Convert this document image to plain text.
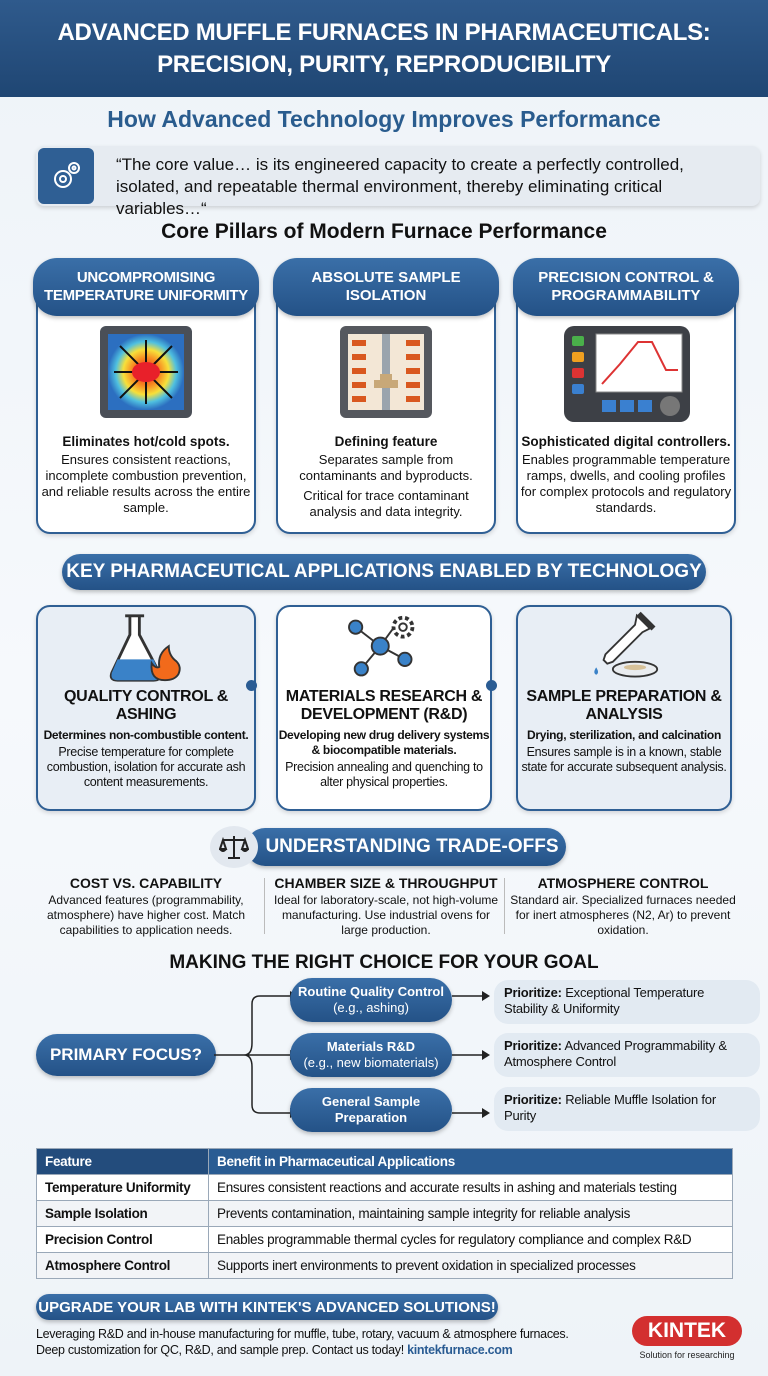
ADVANCED MUFFLE FURNACES IN PHARMACEUTICALS:
PRECISION, PURITY, REPRODUCIBILITY
How Advanced Technology Improves Performance
“The core value… is its engineered capacity to create a perfectly controlled, isolated, and repeatable thermal environment, thereby eliminating critical variables…“
Core Pillars of Modern Furnace Performance
UNCOMPROMISING TEMPERATURE UNIFORMITY
Eliminates hot/cold spots.
Ensures consistent reactions, incomplete combustion prevention, and reliable results across the entire sample.
ABSOLUTE SAMPLE ISOLATION
Defining feature
Separates sample from contaminants and byproducts.
Critical for trace contaminant analysis and data integrity.
PRECISION CONTROL & PROGRAMMABILITY
Sophisticated digital controllers.
Enables programmable temperature ramps, dwells, and cooling profiles for complex protocols and regulatory standards.
KEY PHARMACEUTICAL APPLICATIONS ENABLED BY TECHNOLOGY
QUALITY CONTROL & ASHING
Determines non-combustible content.
Precise temperature for complete combustion, isolation for accurate ash content measurements.
MATERIALS RESEARCH & DEVELOPMENT (R&D)
Developing new drug delivery systems & biocompatible materials.
Precision annealing and quenching to alter physical properties.
SAMPLE PREPARATION & ANALYSIS
Drying, sterilization, and calcination
Ensures sample is in a known, stable state for accurate subsequent analysis.
UNDERSTANDING TRADE-OFFS
COST VS. CAPABILITY
Advanced features (programmability, atmosphere) have higher cost. Match capabilities to application needs.
CHAMBER SIZE & THROUGHPUT
Ideal for laboratory-scale, not high-volume manufacturing. Use industrial ovens for large production.
ATMOSPHERE CONTROL
Standard air. Specialized furnaces needed for inert atmospheres (N2, Ar) to prevent oxidation.
MAKING THE RIGHT CHOICE FOR YOUR GOAL
PRIMARY FOCUS?
Routine Quality Control
(e.g., ashing)
Materials R&D
(e.g., new biomaterials)
General Sample
Preparation
Prioritize: Exceptional Temperature Stability & Uniformity
Prioritize: Advanced Programmability & Atmosphere Control
Prioritize: Reliable Muffle Isolation for Purity
Feature	Benefit in Pharmaceutical Applications
Temperature Uniformity	Ensures consistent reactions and accurate results in ashing and materials testing
Sample Isolation	Prevents contamination, maintaining sample integrity for reliable analysis
Precision Control	Enables programmable thermal cycles for regulatory compliance and complex R&D
Atmosphere Control	Supports inert environments to prevent oxidation in specialized processes
UPGRADE YOUR LAB WITH KINTEK'S ADVANCED SOLUTIONS!
Leveraging R&D and in-house manufacturing for muffle, tube, rotary, vacuum & atmosphere furnaces.
Deep customization for QC, R&D, and sample prep. Contact us today! kintekfurnace.com
KINTEK
Solution for researching
